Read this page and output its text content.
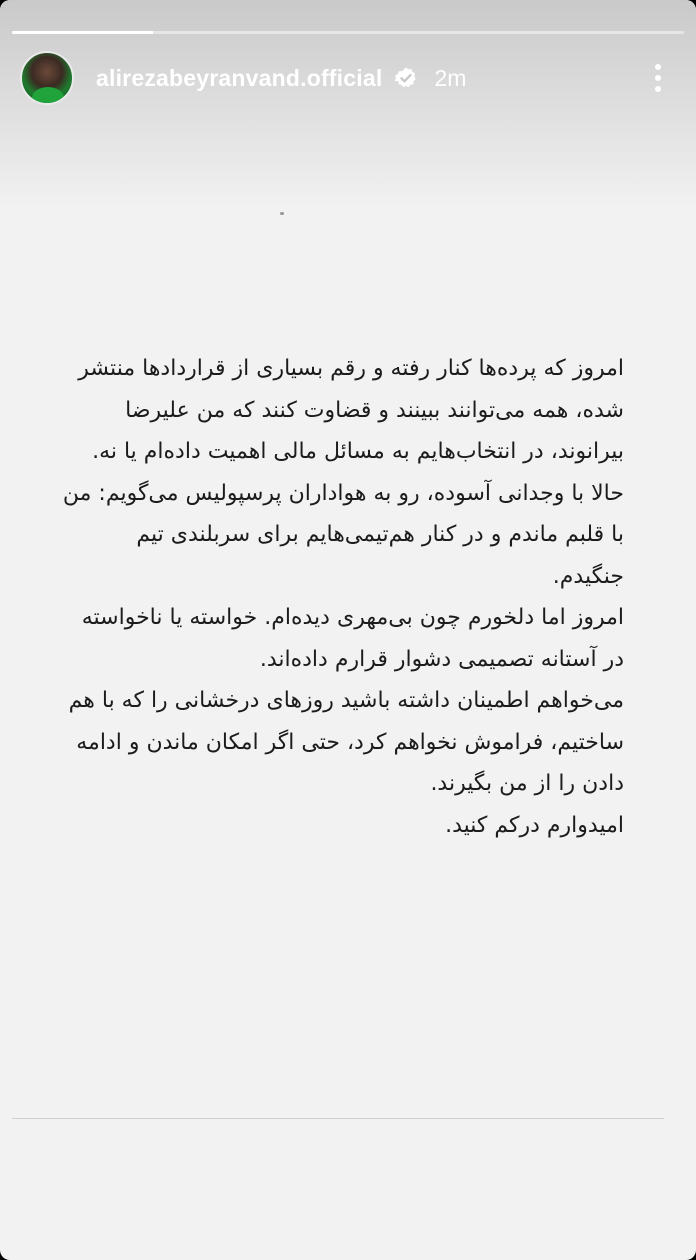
alirezabeyranvand.official 2m

امروز که پرده‌ها کنار رفته و رقم بسیاری از قراردادها منتشر شده، همه می‌توانند ببینند و قضاوت کنند که من علیرضا بیرانوند، در انتخاب‌هایم به مسائل مالی اهمیت داده‌ام یا نه.

حالا با وجدانی آسوده، رو به هواداران پرسپولیس می‌گویم: من با قلبم ماندم و در کنار هم‌تیمی‌هایم برای سربلندی تیم جنگیدم.

امروز اما دلخورم چون بی‌مهری دیده‌ام. خواسته یا ناخواسته در آستانه تصمیمی دشوار قرارم داده‌اند.

می‌خواهم اطمینان داشته باشید روزهای درخشانی را که با هم ساختیم، فراموش نخواهم کرد، حتی اگر امکان ماندن و ادامه دادن را از من بگیرند.

امیدوارم درکم کنید.
